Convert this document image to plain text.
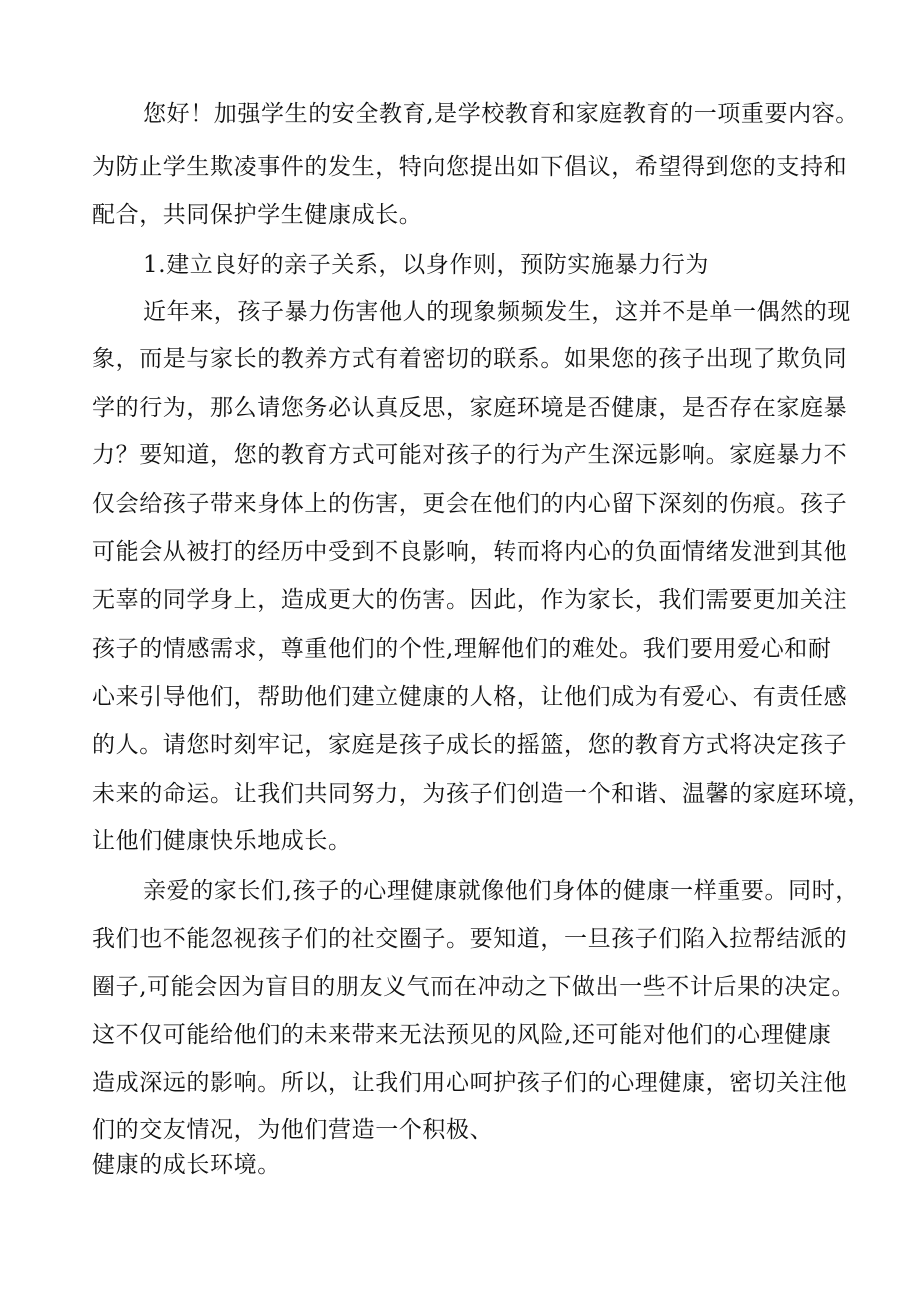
您好！加强学生的安全教育,是学校教育和家庭教育的一项重要内容。
为防止学生欺凌事件的发生，特向您提出如下倡议，希望得到您的支持和
配合，共同保护学生健康成长。
1.建立良好的亲子关系，以身作则，预防实施暴力行为
近年来，孩子暴力伤害他人的现象频频发生，这并不是单一偶然的现
象，而是与家长的教养方式有着密切的联系。如果您的孩子出现了欺负同
学的行为，那么请您务必认真反思，家庭环境是否健康，是否存在家庭暴
力？要知道，您的教育方式可能对孩子的行为产生深远影响。家庭暴力不
仅会给孩子带来身体上的伤害，更会在他们的内心留下深刻的伤痕。孩子
可能会从被打的经历中受到不良影响，转而将内心的负面情绪发泄到其他
无辜的同学身上，造成更大的伤害。因此，作为家长，我们需要更加关注
孩子的情感需求，尊重他们的个性,理解他们的难处。我们要用爱心和耐
心来引导他们，帮助他们建立健康的人格，让他们成为有爱心、有责任感
的人。请您时刻牢记，家庭是孩子成长的摇篮，您的教育方式将决定孩子
未来的命运。让我们共同努力，为孩子们创造一个和谐、温馨的家庭环境，
让他们健康快乐地成长。
亲爱的家长们,孩子的心理健康就像他们身体的健康一样重要。同时，
我们也不能忽视孩子们的社交圈子。要知道，一旦孩子们陷入拉帮结派的
圈子,可能会因为盲目的朋友义气而在冲动之下做出一些不计后果的决定。
这不仅可能给他们的未来带来无法预见的风险,还可能对他们的心理健康
造成深远的影响。所以，让我们用心呵护孩子们的心理健康，密切关注他
们的交友情况，为他们营造一个积极、
健康的成长环境。
